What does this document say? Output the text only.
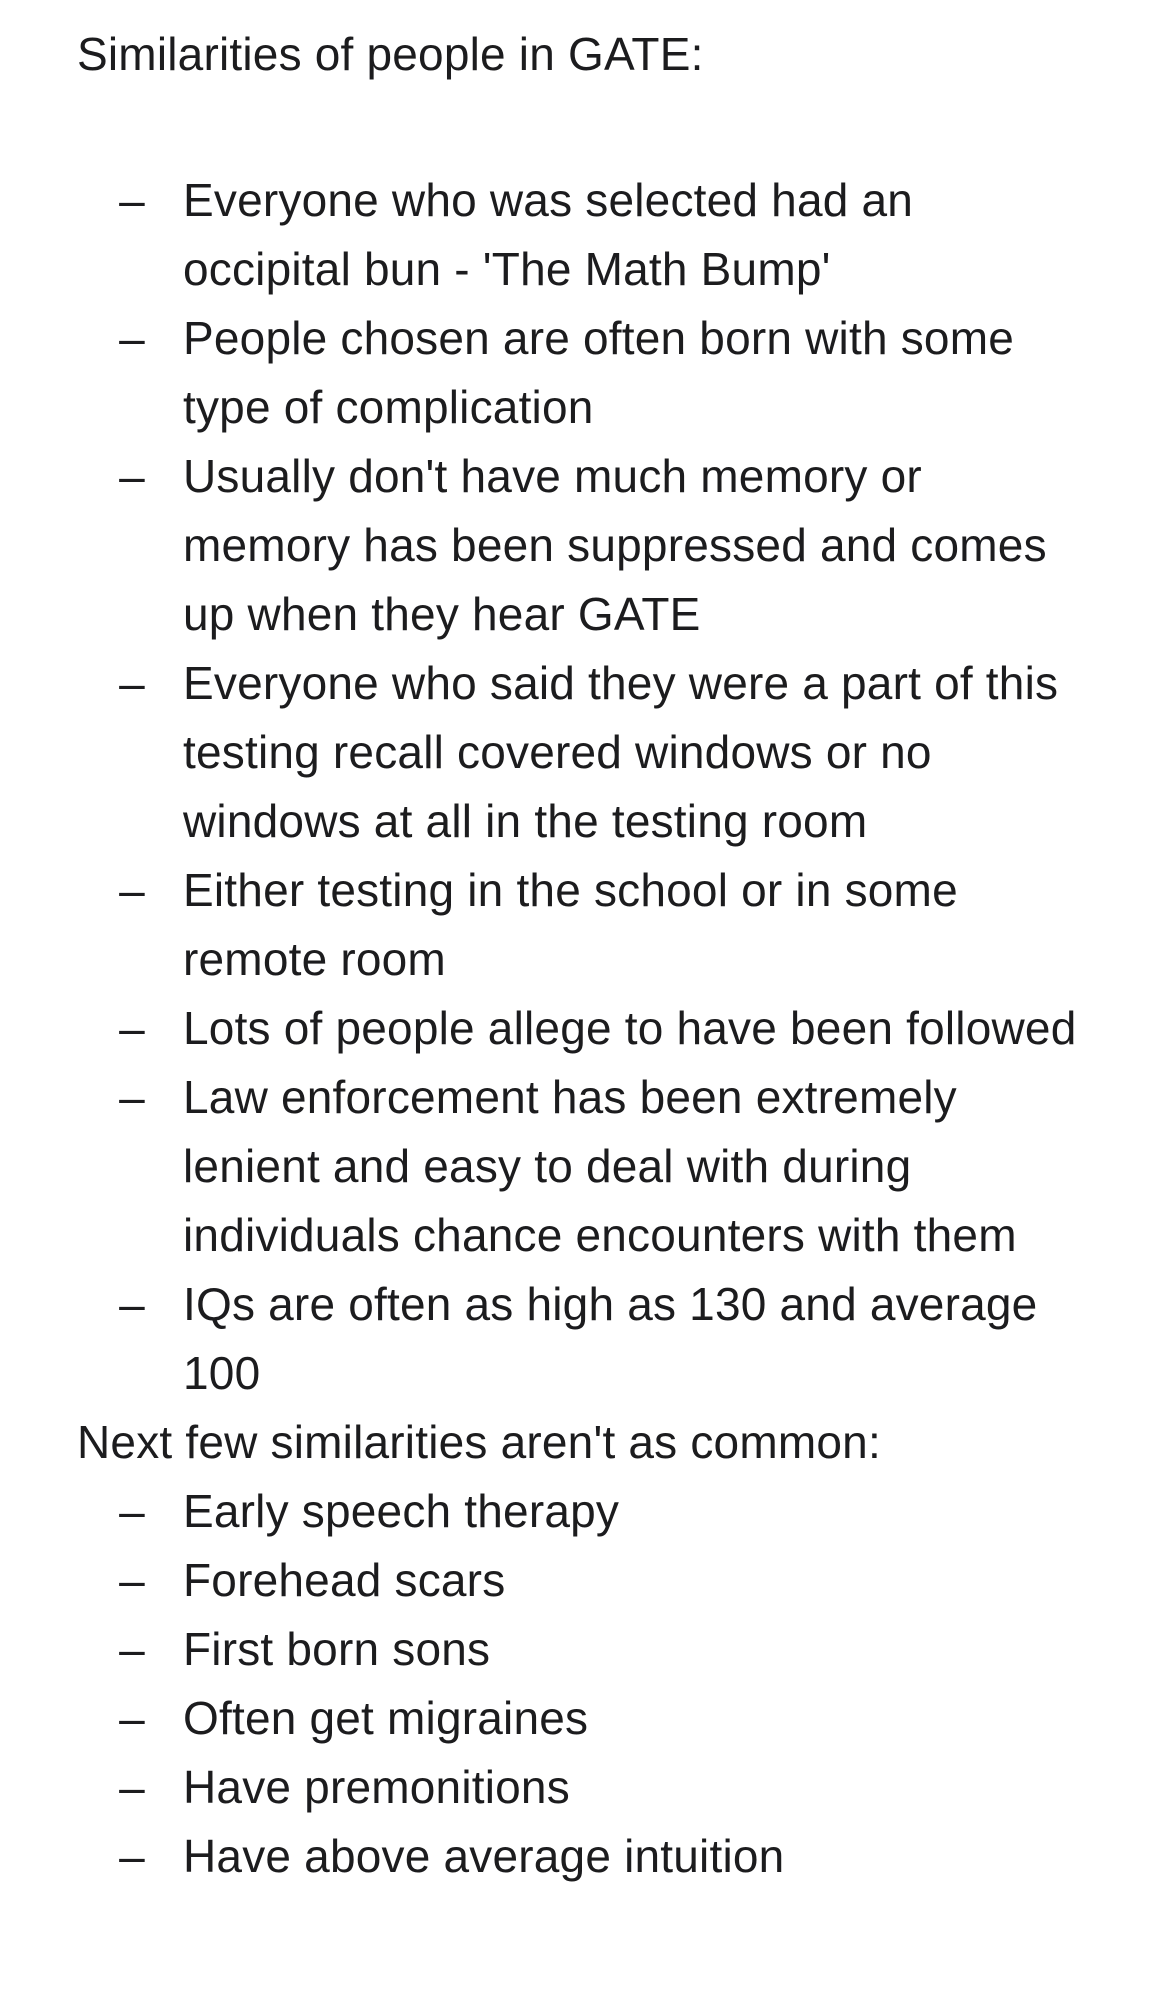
Similarities of people in GATE:

– Everyone who was selected had an occipital bun - 'The Math Bump'
– People chosen are often born with some type of complication
– Usually don't have much memory or memory has been suppressed and comes up when they hear GATE
– Everyone who said they were a part of this testing recall covered windows or no windows at all in the testing room
– Either testing in the school or in some remote room
– Lots of people allege to have been followed
– Law enforcement has been extremely lenient and easy to deal with during individuals chance encounters with them
– IQs are often as high as 130 and average 100

Next few similarities aren't as common:

– Early speech therapy
– Forehead scars
– First born sons
– Often get migraines
– Have premonitions
– Have above average intuition
